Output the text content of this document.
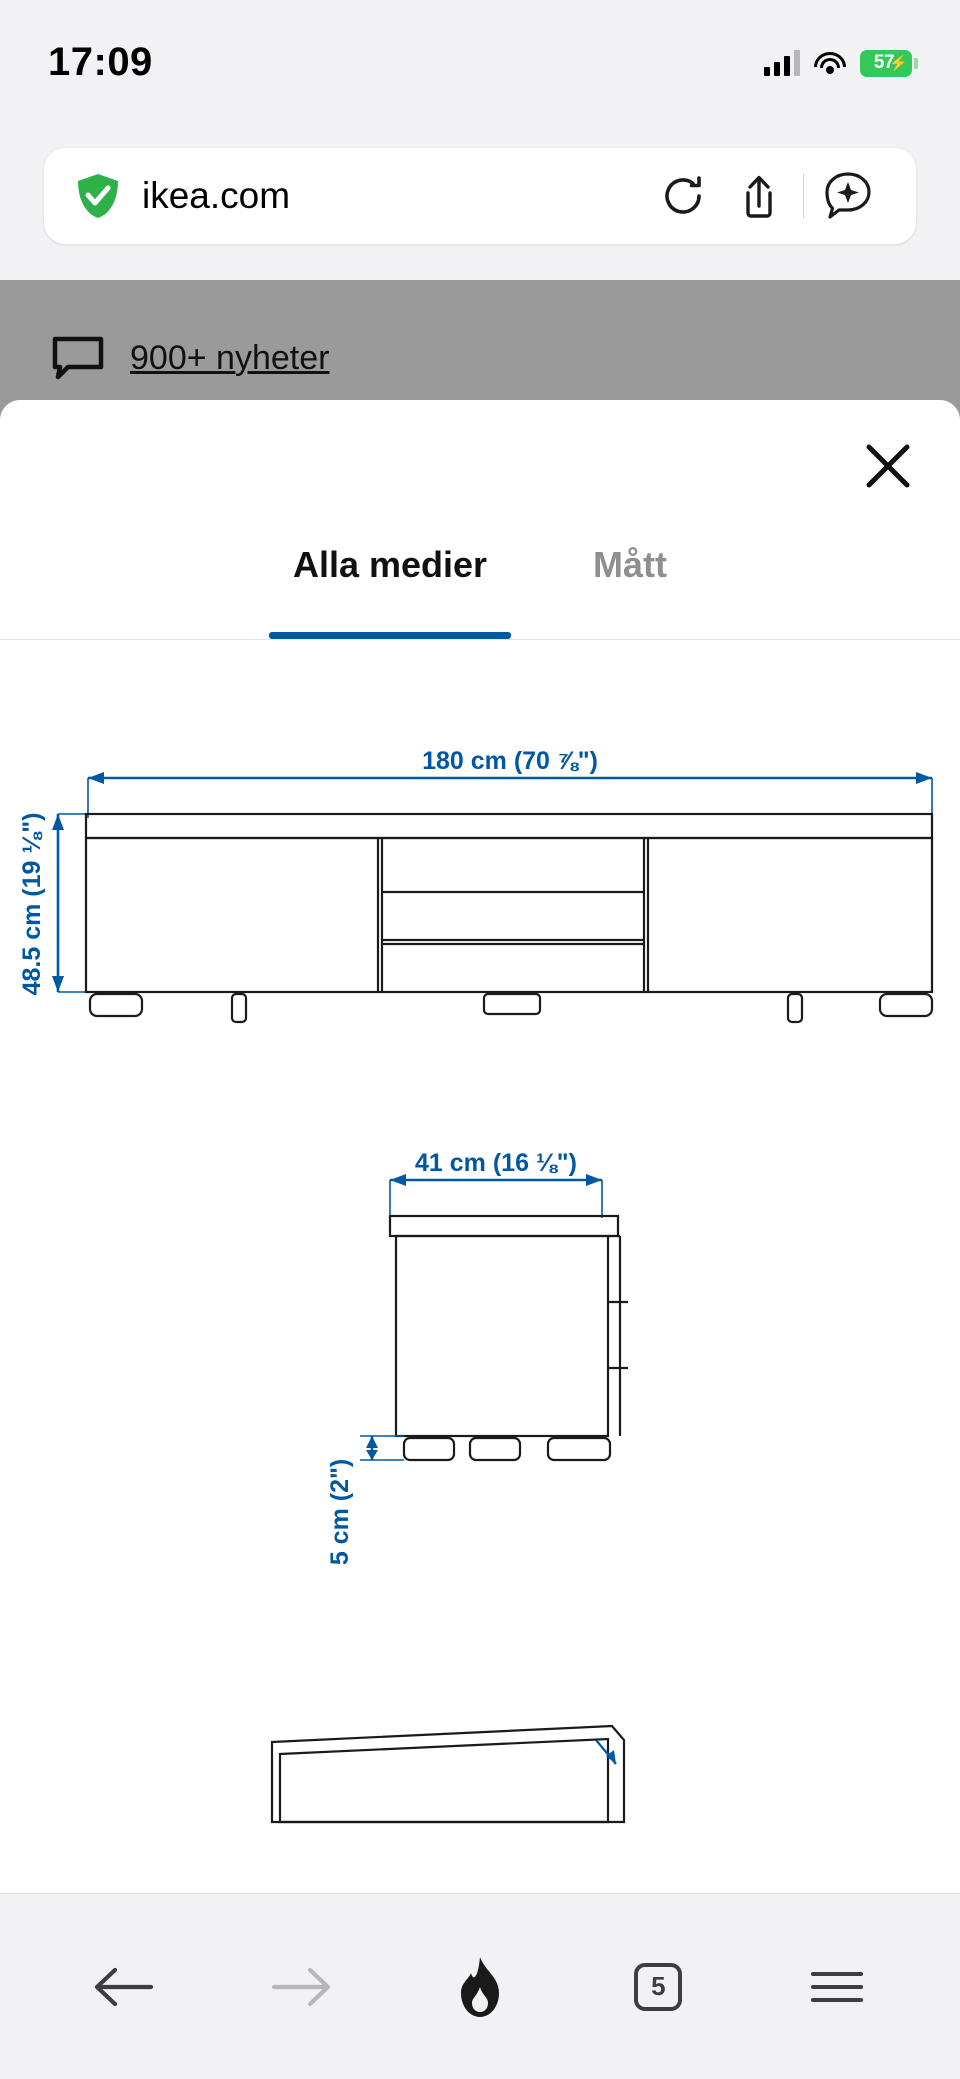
17:09	57
⚡
ikea.com
900+ nyheter
Alla medier	Mått
180 cm (70 ⅞")
48.5 cm (19 ⅛")
41 cm (16 ⅛")
5 cm (2")
5
